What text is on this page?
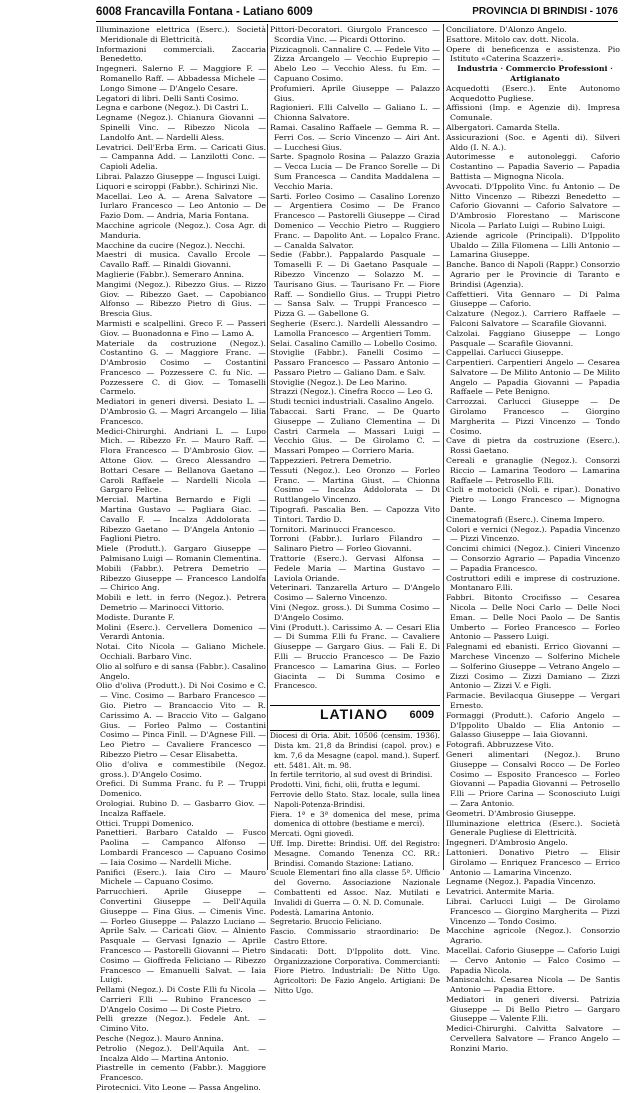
6008 Francavilla Fontana - Latiano 6009	PROVINCIA DI BRINDISI - 1076

Illuminazione elettrica (Eserc.). Società Meridionale di Elettricità.

Informazioni commerciali. Zaccaria Benedetto.

Ingegneri. Salerno F. — Maggiore F. — Romanello Raff. — Abbadessa Michele — Longo Simone — D'Angelo Cesare.

Legatori di libri. Delli Santi Cosimo.

Legna e carbone (Negoz.). Di Castri L.

Legname (Negoz.). Chianura Giovanni — Spinelli Vinc. — Ribezzo Nicola — Landolfo Ant. — Nardelli Aless.

Levatrici. Dell'Erba Erm. — Caricati Gius. — Campanna Add. — Lanzilotti Conc. — Capioli Adelia.

Librai. Palazzo Giuseppe — Ingusci Luigi.

Liquori e sciroppi (Fabbr.). Schirinzi Nic.

Macellai. Leo A. — Arena Salvatore — Iurlaro Francesco — Leo Antonio — De Fazio Dom. — Andria, Maria Fontana.

Macchine agricole (Negoz.). Cosa Agr. di Manduria.

Macchine da cucire (Negoz.). Necchi.

Maestri di musica. Cavallo Ercole — Cavallo Raff. — Rinaldi Giovanni.

Maglierie (Fabbr.). Semeraro Annina.

Mangimi (Negoz.). Ribezzo Gius. — Rizzo Giov. — Ribezzo Gaet. — Capobianco Alfonso — Ribezzo Pietro di Gius. — Brescia Gius.

Marmisti e scalpellini. Greco F. — Passeri Giov. — Buonadonna e Fino — Lamo A.

Materiale da costruzione (Negoz.). Costantino G. — Maggiore Franc. — D'Ambrosio Cosimo — Costantini Francesco — Pozzessere C. fu Nic. — Pozzessere C. di Giov. — Tomaselli Carmelo.

Mediatori in generi diversi. Desiato L. — D'Ambrosio G. — Magri Arcangelo — Iilia Francesco.

Medici-Chirurghi. Andriani L. — Lupo Mich. — Ribezzo Fr. — Mauro Raff. — Flora Francesco — D'Ambrosio Giov. — Attone Giov. — Greco Alessandro — Bottari Cesare — Bellanova Gaetano — Caroli Raffaele — Nardelli Nicola — Gargaro Felice.

Mercial. Martina Bernardo e Figli — Martina Gustavo — Pagliara Giac. — Cavallo F. — Incalza Addolorata — Ribezzo Gaetano — D'Angela Antonio — Faglioni Pietro.

Miele (Produtt.). Gargaro Giuseppe — Palmisano Luigi — Romanin Clementina.

Mobili (Fabbr.). Petrera Demetrio — Ribezzo Giuseppe — Francesco Landolfa — Chirico Ang.

Mobili e lett. in ferro (Negoz.). Petrera Demetrio — Marinocci Vittorio.

Modiste. Durante F.

Molini (Eserc.). Cervellera Domenico — Verardi Antonia.

Notai. Cito Nicola — Galiano Michele. Occhiali. Barbaro Vinc.

Olio al solfuro e di sansa (Fabbr.). Casalino Angelo.

Olio d'oliva (Produtt.). Di Noi Cosimo e C. — Vinc. Cosimo — Barbaro Francesco — Gio. Pietro — Brancaccio Vito — R. Carissimo A. — Braccio Vito — Galgano Gius. — Forleo Palmo — Costantini Cosimo — Pinca Finll. — D'Agnese Fill. — Leo Pietro — Cavaliere Francesco — Ribezzo Pietro — Cesar Elisabetta.

Olio d'oliva e commestibile (Negoz. gross.). D'Angelo Cosimo.

Orefici. Di Summa Franc. fu P. — Truppi Domenico.

Orologiai. Rubino D. — Gasbarro Giov. — Incalza Raffaele.

Ottici. Truppi Domenico.

Panettieri. Barbaro Cataldo — Fusco Paolina — Campanco Alfonso — Lombardi Francesco — Capuano Cosimo — Iaia Cosimo — Nardelli Miche.

Panifici (Eserc.). Iaia Ciro — Mauro Michele — Capuano Cosimo.

Parrucchieri. Aprile Giuseppe — Convertini Giuseppe — Dell'Aquila Giuseppe — Fina Gius. — Cimenis Vinc. — Forleo Giuseppe — Palazzo Luciano — Aprile Salv. — Caricati Giov. — Alniento Pasquale — Gervasi Ignazio — Aprile Francesco — Pastorelli Giovanni — Pietro Cosimo — Gioffreda Feliciano — Ribezzo Francesco — Emanuelli Salvat. — Iaia Luigi.

Pellami (Negoz.). Di Coste F.lli fu Nicola — Carrieri F.lli — Rubino Francesco — D'Angelo Cosimo — Di Coste Pietro.

Pelli grezze (Negoz.). Fedele Ant. — Cimino Vito.

Pesche (Negoz.). Mauro Annina.

Petrolio (Negoz.). Dell'Aquila Ant. — Incalza Aldo — Martina Antonio.

Piastrelle in cemento (Fabbr.). Maggiore Francesco.

Pirotecnici. Vito Leone — Passa Angelino.

Pittori-Decoratori. Giurgolo Francesco — Scordia Vinc. — Picardi Ottorino.

Pizzicagnoli. Cannalire C. — Fedele Vito — Zizza Arcangelo — Vecchio Euprepio — Abelo Leo — Vecchio Aless. fu Em. — Capuano Cosimo.

Profumieri. Aprile Giuseppe — Palazzo Gius.

Ragionieri. F.lli Calvello — Galiano L. — Chionna Salvatore.

Ramai. Casalino Raffaele — Gemma R. — Ferri Cos. — Scrio Vincenzo — Airi Ant. — Lucchesi Gius.

Sarte. Spagnolo Rosina — Palazzo Grazia — Vecca Lucia — De Franco Sorelle — Di Sum Francesca — Candita Maddalena — Vecchio Maria.

Sarti. Forleo Cosimo — Casalino Lorenzo — Argentiera Cosimo — De Franco Francesco — Pastorelli Giuseppe — Cirad Domenico — Vecchio Pietro — Ruggiero Franc. — Dapolito Ant. — Lopalco Franc. — Canalda Salvator.

Sedie (Fabbr.). Pappalardo Pasquale — Tomaselli F. — Di Gaetano Pasquale — Ribezzo Vincenzo — Solazzo M. — Taurisano Gius. — Taurisano Fr. — Fiore Raff. — Sondiello Gius. — Truppi Pietro — Sansa Salv. — Truppi Francesco — Pizza G. — Gabellone G.

Segherie (Eserc.). Nardelli Alessandro — Lamolla Francesco — Argentieri Tomm.

Selai. Casalino Camillo — Lobello Cosimo.

Stoviglie (Fabbr.). Fanelli Cosimo — Passaro Francesco — Passaro Antonio — Passaro Pietro — Galiano Dam. e Salv.

Stoviglie (Negoz.). De Leo Marino.

Strazzi (Negoz.). Cinefra Rocco — Leo G.

Studi tecnici industriali. Casalino Angelo.

Tabaccai. Sarti Franc. — De Quarto Giuseppe — Zuliano Clementina — Di Castri Carmela — Massari Luigi — Vecchio Gius. — De Girolamo C. — Massari Pompeo — Corriero Maria.

Tappezzieri. Petrera Demetrio.

Tessuti (Negoz.). Leo Oronzo — Forleo Franc. — Martina Giust. — Chionna Cosimo — Incalza Addolorata — Di Ruttlangelo Vincenzo.

Tipografi. Pascalia Ben. — Capozza Vito Tintori. Tardio D.

Tornitori. Marinucci Francesco.

Torroni (Fabbr.). Iurlaro Filandro — Salinaro Pietro — Forleo Giovanni.

Trattorie (Eserc.). Gervasi Alfonsa — Fedele Maria — Martina Gustavo — Laviola Oriande.

Veterinari. Tanzarella Arturo — D'Angelo Cosimo — Salerno Vincenzo.

Vini (Negoz. gross.). Di Summa Cosimo — D'Angelo Cosimo.

Vini (Produtt.). Carissimo A. — Cesari Elia — Di Summa F.lli fu Franc. — Cavaliere Giuseppe — Gargaro Gius. — Fali E. Di F.lli — Bruccio Francesco — De Fazio Francesco — Lamarina Gius. — Forleo Giacinta — Di Summa Cosimo e Francesco.

LATIANO 6009

Diocesi di Oria. Abit. 10506 (censim. 1936). Dista km. 21,8 da Brindisi (capol. prov.) e km. 7,6 da Mesagne (capol. mand.). Superf. ett. 5481. Alt. m. 98.

In fertile territorio, al sud ovest di Brindisi.

Prodotti. Vini, fichi, olii, frutta e legumi.

Ferrovie dello Stato. Staz. locale, sulla linea Napoli-Potenza-Brindisi.

Fiera. 1ª e 3ª domenica del mese, prima domenica di ottobre (bestiame e merci).

Mercati. Ogni giovedì.

Uff. Imp. Dirette: Brindisi. Uff. del Registro: Mesagne. Comando Tenenza CC. RR.: Brindisi. Comando Stazione: Latiano.

Scuole Elementari fino alla classe 5ª. Ufficio del Governo. Associazione Nazionale Combattenti ed Assoc. Naz. Mutilati e Invalidi di Guerra — O. N. D. Comunale.

Podestà. Lamarina Antonio.

Segretario. Bruccio Feliciano.

Fascio. Commissario straordinario: De Castro Ettore.

Sindacati: Dott. D'Ippolito dott. Vinc. Organizzazione Corporativa. Commercianti: Fiore Pietro. Industriali: De Nitto Ugo. Agricoltori: De Fazio Angelo. Artigiani: De Nitto Ugo.

Conciliatore. D'Alonzo Angelo.

Esattore. Mitolo cav. dott. Nicola.

Opere di beneficenza e assistenza. Pio Istituto «Caterina Scazzeri».

Industria · Commercio Professioni · Artigianato

Acquedotti (Eserc.). Ente Autonomo Acquedotto Pugliese.

Affissioni (Imp. e Agenzie di). Impresa Comunale.

Albergatori. Camarda Stella.

Assicurazioni (Soc. e Agenti di). Silveri Aldo (I. N. A.).

Autorimesse e autonoleggi. Caforio Costantino — Papadia Saverio — Papadia Battista — Mignogna Nicola.

Avvocati. D'Ippolito Vinc. fu Antonio — De Nitto Vincenzo — Ribezzi Benedetto — Caforio Giovanni — Caforio Salvatore — D'Ambrosio Florestano — Mariscone Nicola — Parlato Luigi — Rubino Luigi.

Aziende agricole (Principali). D'Ippolito Ubaldo — Zilla Filomena — Lilli Antonio — Lamarina Giuseppe.

Banche. Banco di Napoli (Rappr.) Consorzio Agrario per le Provincie di Taranto e Brindisi (Agenzia).

Caffettieri. Vita Gennaro — Di Palma Giuseppe — Caforio.

Calzature (Negoz.). Carriero Raffaele — Falconi Salvatore — Scarafile Giovanni.

Calzolai. Faggiano Giuseppe — Longo Pasquale — Scarafile Giovanni.

Cappellai. Carlucci Giuseppe.

Carpentieri. Carpentieri Angelo — Cesarea Salvatore — De Milito Antonio — De Milito Angelo — Papadia Giovanni — Papadia Raffaele — Pete Benigno.

Carrozzai. Carlucci Giuseppe — De Girolamo Francesco — Giorgino Margherita — Pizzi Vincenzo — Tondo Cosimo.

Cave di pietra da costruzione (Eserc.). Rossi Gaetano.

Cereali e granaglie (Negoz.). Consorzi Riccio — Lamarina Teodoro — Lamarina Raffaele — Petrosello F.lli.

Cicli e motocicli (Noli. e ripar.). Donativo Pietro — Longo Francesco — Mignogna Dante.

Cinematografi (Eserc.). Cinema Impero.

Colori e vernici (Negoz.). Papadia Vincenzo — Pizzi Vincenzo.

Concimi chimici (Negoz.). Cinieri Vincenzo — Consorzio Agrario — Papadia Vincenzo — Papadia Francesco.

Costruttori edili e imprese di costruzione. Montanaro F.lli.

Fabbri. Bitonto Crocifisso — Cesarea Nicola — Delle Noci Carlo — Delle Noci Eman. — Delle Noci Paolo — De Santis Umberto — Forleo Francesco — Forleo Antonio — Passero Luigi.

Falegnami ed ebanisti. Errico Giovanni — Marchese Vincenzo — Solferino Michele — Solferino Giuseppe — Vetrano Angelo — Zizzi Cosimo — Zizzi Damiano — Zizzi Antonio — Zizzi V. e Figli.

Farmacie. Bevilacqua Giuseppe — Vergari Ernesto.

Formaggi (Produtt.). Caforio Angelo — D'Ippolito Ubaldo — Elia Antonio — Galasso Giuseppe — Iaia Giovanni.

Fotografi. Abbruzzese Vito.

Generi alimentari (Negoz.). Bruno Giuseppe — Consalvi Rocco — De Forleo Cosimo — Esposito Francesco — Forleo Giovanni — Papadia Giovanni — Petrosello F.lli — Priore Carina — Sconosciuto Luigi — Zara Antonio.

Geometri. D'Ambrosio Giuseppe.

Illuminazione elettrica (Eserc.). Società Generale Pugliese di Elettricità.

Ingegneri. D'Ambrosio Angelo.

Lattonieri. Donativo Pietro — Elisir Girolamo — Enriquez Francesco — Errico Antonio — Lamarina Vincenzo.

Legname (Negoz.). Papadia Vincenzo.

Levatrici. Antermite Maria.

Librai. Carlucci Luigi — De Girolamo Francesco — Giorgino Margherita — Pizzi Vincenzo — Tondo Cosimo.

Macchine agricole (Negoz.). Consorzio Agrario.

Macellai. Caforio Giuseppe — Caforio Luigi — Cervo Antonio — Falco Cosimo — Papadia Nicola.

Maniscalchi. Cesarea Nicola — De Santis Antonio — Papadia Ettore.

Mediatori in generi diversi. Patrizia Giuseppe — Di Bello Pietro — Gargaro Giuseppe — Valente F.lli.

Medici-Chirurghi. Calvitta Salvatore — Cervellera Salvatore — Franco Angelo — Ronzini Mario.
